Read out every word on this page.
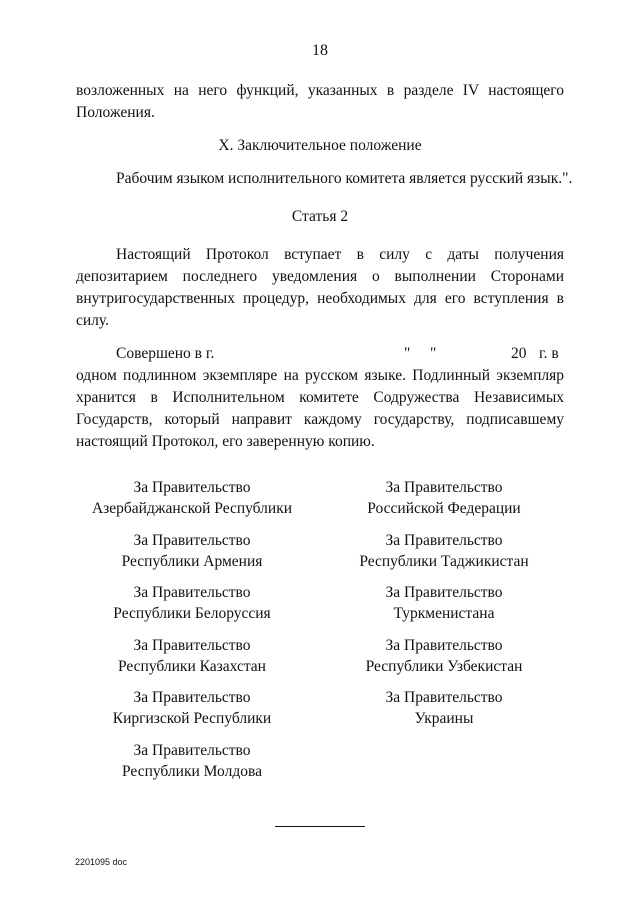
18
возложенных на него функций, указанных в разделе IV настоящего
Положения.
X. Заключительное положение
Рабочим языком исполнительного комитета является русский язык.".
Статья 2
Настоящий Протокол вступает в силу с даты получения
депозитарием последнего уведомления о выполнении Сторонами
внутригосударственных процедур, необходимых для его вступления в
силу.
Совершено в г.	" "	20 г. в
одном подлинном экземпляре на русском языке. Подлинный экземпляр
хранится в Исполнительном комитете Содружества Независимых
Государств, который направит каждому государству, подписавшему
настоящий Протокол, его заверенную копию.
За Правительство
Азербайджанской Республики
За Правительство
Республики Армения
За Правительство
Республики Белоруссия
За Правительство
Республики Казахстан
За Правительство
Киргизской Республики
За Правительство
Республики Молдова
За Правительство
Российской Федерации
За Правительство
Республики Таджикистан
За Правительство
Туркменистана
За Правительство
Республики Узбекистан
За Правительство
Украины
2201095 doc
